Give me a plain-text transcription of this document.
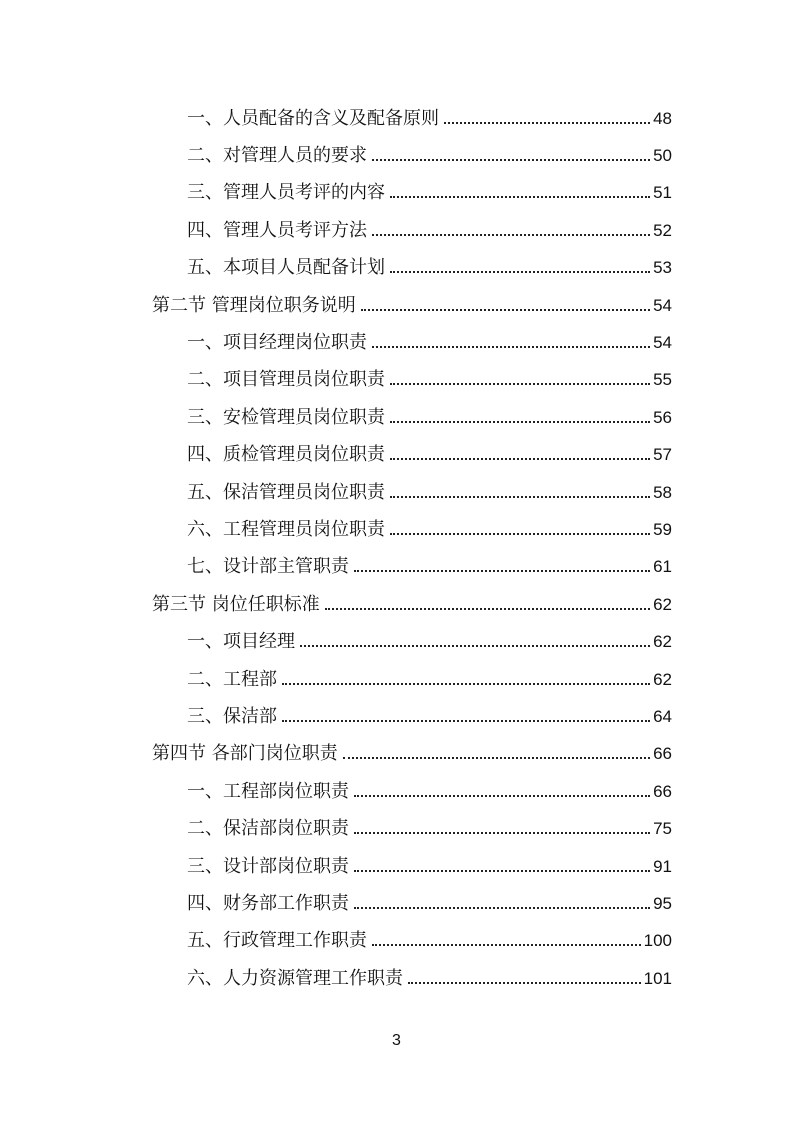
一、 人员配备的含义及配备原则	48
二、 对管理人员的要求	50
三、 管理人员考评的内容	51
四、 管理人员考评方法	52
五、 本项目人员配备计划	53
第二节 管理岗位职务说明	54
一、 项目经理岗位职责	54
二、 项目管理员岗位职责	55
三、 安检管理员岗位职责	56
四、 质检管理员岗位职责	57
五、 保洁管理员岗位职责	58
六、 工程管理员岗位职责	59
七、 设计部主管职责	61
第三节 岗位任职标准	62
一、 项目经理	62
二、 工程部	62
三、 保洁部	64
第四节 各部门岗位职责	66
一、 工程部岗位职责	66
二、 保洁部岗位职责	75
三、 设计部岗位职责	91
四、 财务部工作职责	95
五、 行政管理工作职责	100
六、 人力资源管理工作职责	101
3
